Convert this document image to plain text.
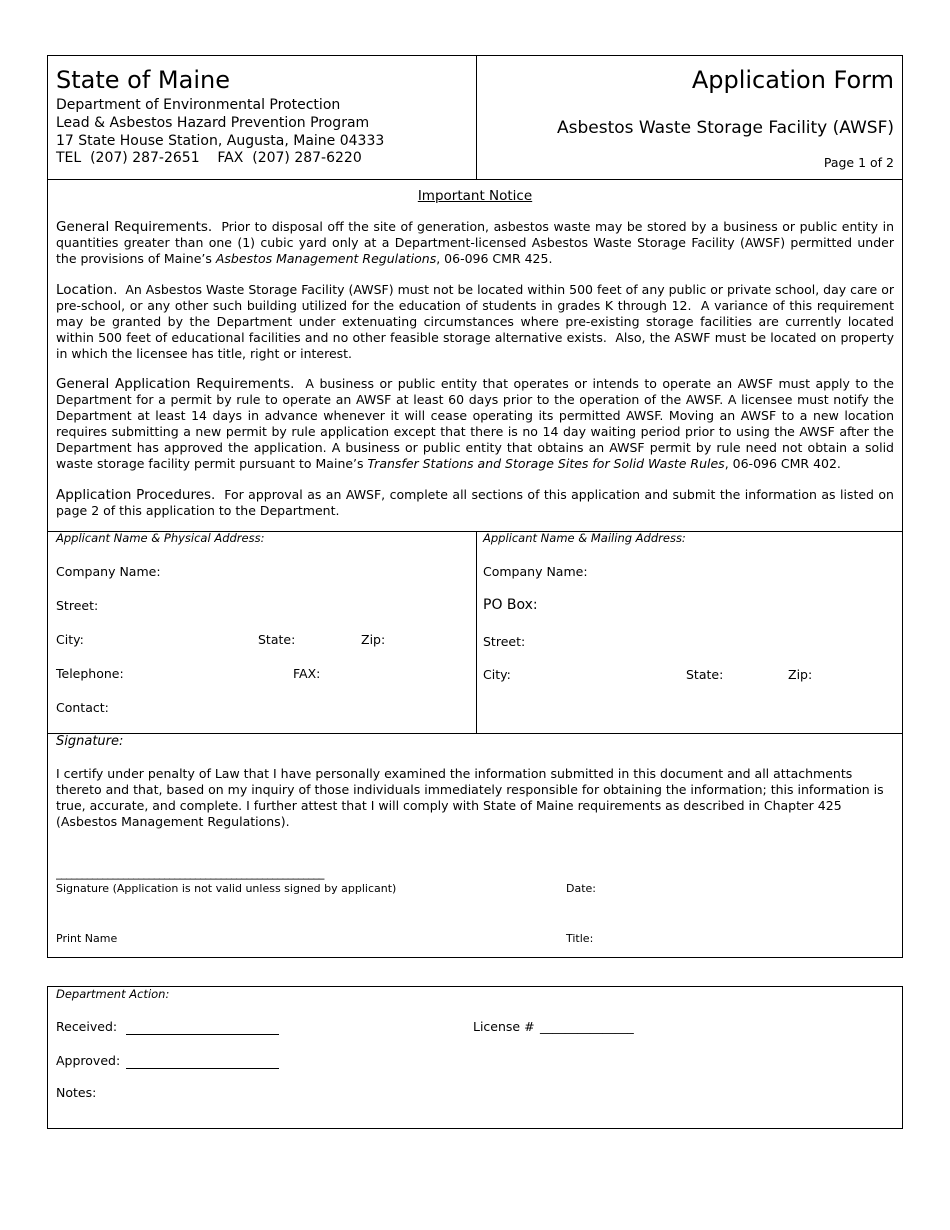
State of Maine
Department of Environmental Protection
Lead & Asbestos Hazard Prevention Program
17 State House Station, Augusta, Maine 04333
TEL  (207) 287-2651    FAX  (207) 287-6220
Application Form
Asbestos Waste Storage Facility (AWSF)
Page 1 of 2
Important Notice
General Requirements.  Prior to disposal off the site of generation, asbestos waste may be stored by a business or public entity in quantities greater than one (1) cubic yard only at a Department-licensed Asbestos Waste Storage Facility (AWSF) permitted under the provisions of Maine’s Asbestos Management Regulations, 06-096 CMR 425.
Location.  An Asbestos Waste Storage Facility (AWSF) must not be located within 500 feet of any public or private school, day care or pre-school, or any other such building utilized for the education of students in grades K through 12.  A variance of this requirement may be granted by the Department under extenuating circumstances where pre-existing storage facilities are currently located within 500 feet of educational facilities and no other feasible storage alternative exists.  Also, the ASWF must be located on property in which the licensee has title, right or interest.
General Application Requirements.  A business or public entity that operates or intends to operate an AWSF must apply to the Department for a permit by rule to operate an AWSF at least 60 days prior to the operation of the AWSF. A licensee must notify the Department at least 14 days in advance whenever it will cease operating its permitted AWSF. Moving an AWSF to a new location requires submitting a new permit by rule application except that there is no 14 day waiting period prior to using the AWSF after the Department has approved the application. A business or public entity that obtains an AWSF permit by rule need not obtain a solid waste storage facility permit pursuant to Maine’s Transfer Stations and Storage Sites for Solid Waste Rules, 06-096 CMR 402.
Application Procedures.  For approval as an AWSF, complete all sections of this application and submit the information as listed on page 2 of this application to the Department.
Applicant Name & Physical Address:
Company Name:
Street:
City:	State:	Zip:
Telephone:	FAX:
Contact:
Applicant Name & Mailing Address:
Company Name:
PO Box:
Street:
City:	State:	Zip:
Signature:
I certify under penalty of Law that I have personally examined the information submitted in this document and all attachments thereto and that, based on my inquiry of those individuals immediately responsible for obtaining the information; this information is true, accurate, and complete. I further attest that I will comply with State of Maine requirements as described in Chapter 425 (Asbestos Management Regulations).
____________________________________________________
Signature (Application is not valid unless signed by applicant)	Date:
Print Name	Title:
Department Action:
Received:	License # _______________
Approved:
Notes:
